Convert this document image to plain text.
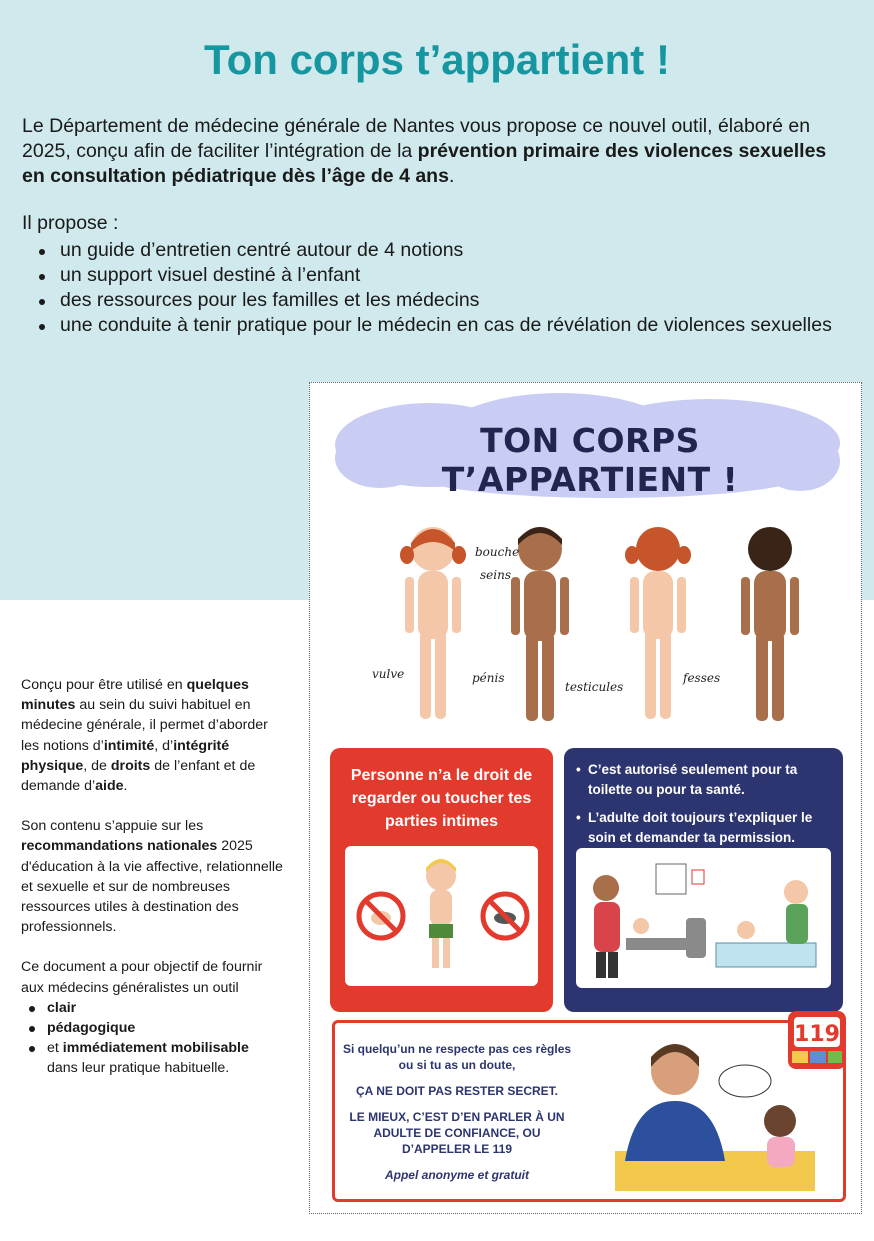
Ton corps t’appartient !

Le Département de médecine générale de Nantes vous propose ce nouvel outil, élaboré en 2025, conçu afin de faciliter l’intégration de la prévention primaire des violences sexuelles en consultation pédiatrique dès l’âge de 4 ans.

Il propose :
un guide d’entretien centré autour de 4 notions
un support visuel destiné à l’enfant
des ressources pour les familles et les médecins
une conduite à tenir pratique pour le médecin en cas de révélation de violences sexuelles

Conçu pour être utilisé en quelques minutes au sein du suivi habituel en médecine générale, il permet d’aborder les notions d’intimité, d’intégrité physique, de droits de l’enfant et de demande d’aide.

Son contenu s’appuie sur les recommandations nationales 2025 d'éducation à la vie affective, relationnelle et sexuelle et sur de nombreuses ressources utiles à destination des professionnels.

Ce document a pour objectif de fournir aux médecins généralistes un outil

clair
pédagogique
et immédiatement mobilisable dans leur pratique habituelle.
TON CORPS T’APPARTIENT !
bouche
seins
vulve	pénis
testicules
fesses
Personne n’a le droit de regarder ou toucher tes parties intimes
• C’est autorisé seulement pour ta toilette ou pour ta santé.
• L’adulte doit toujours t’expliquer le soin et demander ta permission.
Si quelqu’un ne respecte pas ces règles ou si tu as un doute,
ÇA NE DOIT PAS RESTER SECRET.
LE MIEUX, C’EST D’EN PARLER À UN ADULTE DE CONFIANCE, OU D’APPELER LE 119
Appel anonyme et gratuit
119
